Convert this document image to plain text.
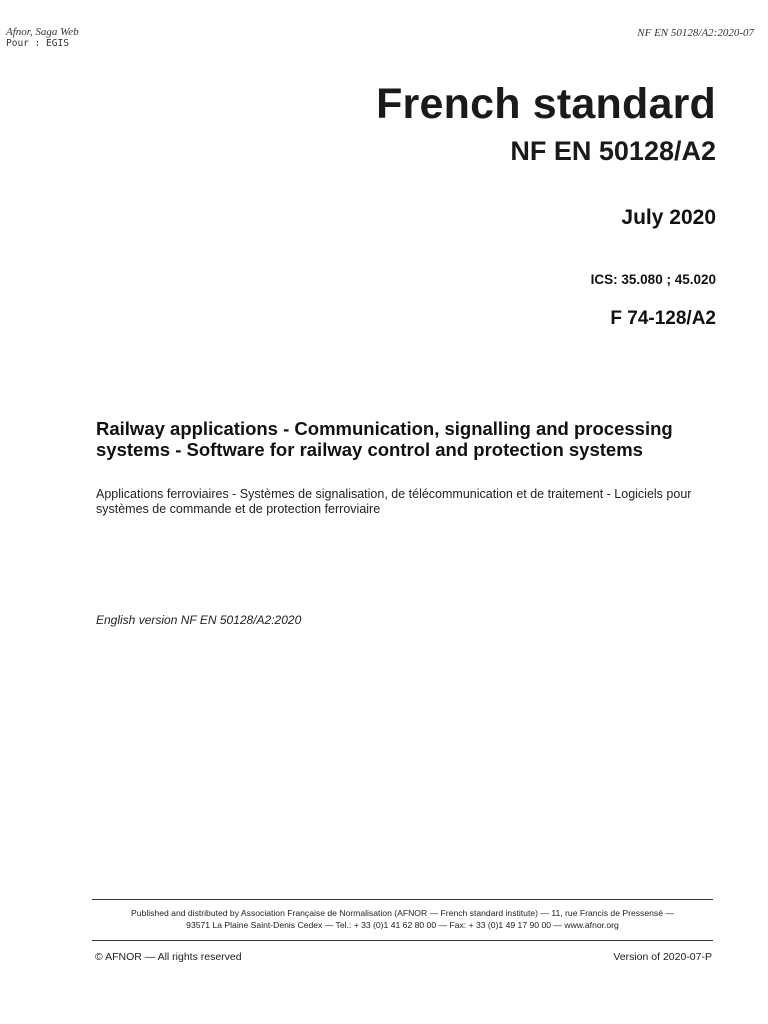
Afnor, Saga Web
Pour : EGIS
NF EN 50128/A2:2020-07
French standard
NF EN 50128/A2
July 2020
ICS: 35.080 ; 45.020
F 74-128/A2
Railway applications - Communication, signalling and processing
systems - Software for railway control and protection systems
Applications ferroviaires - Systèmes de signalisation, de télécommunication et de traitement - Logiciels pour
systèmes de commande et de protection ferroviaire
English version NF EN 50128/A2:2020
Published and distributed by Association Française de Normalisation (AFNOR — French standard institute) — 11, rue Francis de Pressensé —
93571 La Plaine Saint-Denis Cedex — Tel.: + 33 (0)1 41 62 80 00 — Fax: + 33 (0)1 49 17 90 00 — www.afnor.org
© AFNOR — All rights reserved	Version of 2020-07-P
